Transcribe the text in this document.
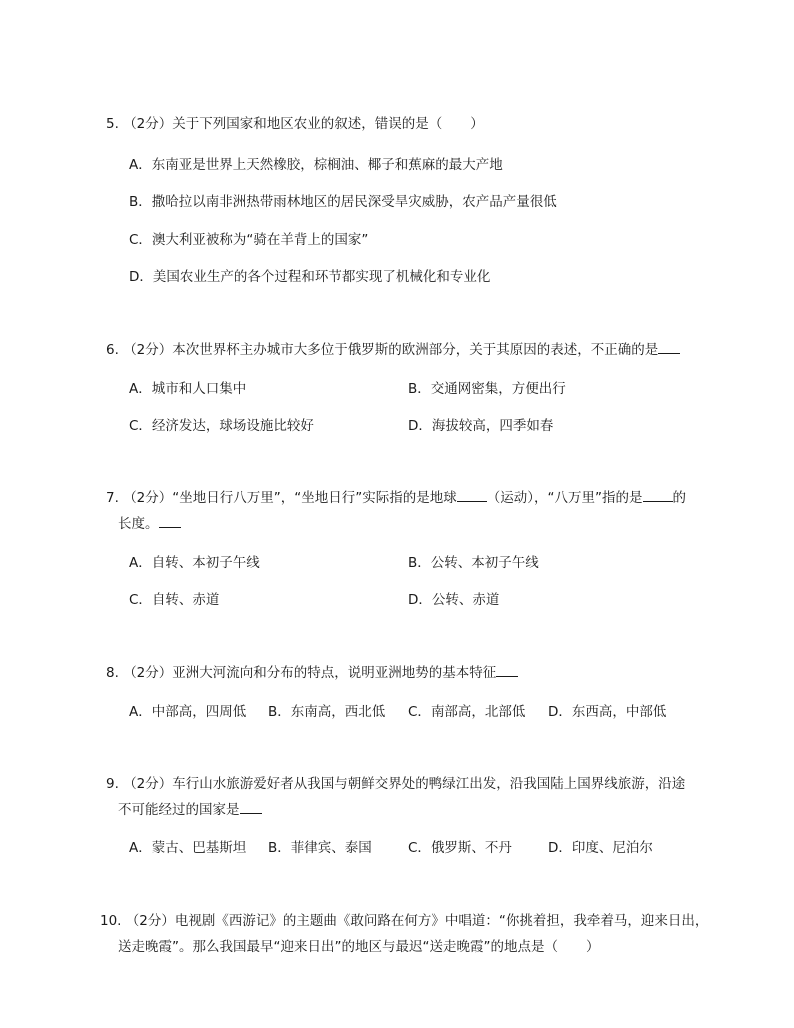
5. （2分）关于下列国家和地区农业的叙述，错误的是（ ）
A．东南亚是世界上天然橡胶，棕榈油、椰子和蕉麻的最大产地
B．撒哈拉以南非洲热带雨林地区的居民深受旱灾威胁，农产品产量很低
C．澳大利亚被称为“骑在羊背上的国家”
D．美国农业生产的各个过程和环节都实现了机械化和专业化
6. （2分）本次世界杯主办城市大多位于俄罗斯的欧洲部分，关于其原因的表述，不正确的是
A．城市和人口集中	B．交通网密集，方便出行
C．经济发达，球场设施比较好	D．海拔较高，四季如春
7. （2分）“坐地日行八万里”，“坐地日行”实际指的是地球 （运动），“八万里”指的是 的
长度。
A．自转、本初子午线	B．公转、本初子午线
C．自转、赤道	D．公转、赤道
8. （2分）亚洲大河流向和分布的特点，说明亚洲地势的基本特征
A．中部高，四周低 B．东南高，西北低 C．南部高，北部低 D．东西高，中部低
9. （2分）车行山水旅游爱好者从我国与朝鲜交界处的鸭绿江出发，沿我国陆上国界线旅游，沿途
不可能经过的国家是
A．蒙古、巴基斯坦 B．菲律宾、泰国	C．俄罗斯、不丹	D．印度、尼泊尔
10. （2分）电视剧《西游记》的主题曲《敢问路在何方》中唱道：“你挑着担，我牵着马，迎来日出，
送走晚霞”。那么我国最早“迎来日出”的地区与最迟“送走晚霞”的地点是（ ）
